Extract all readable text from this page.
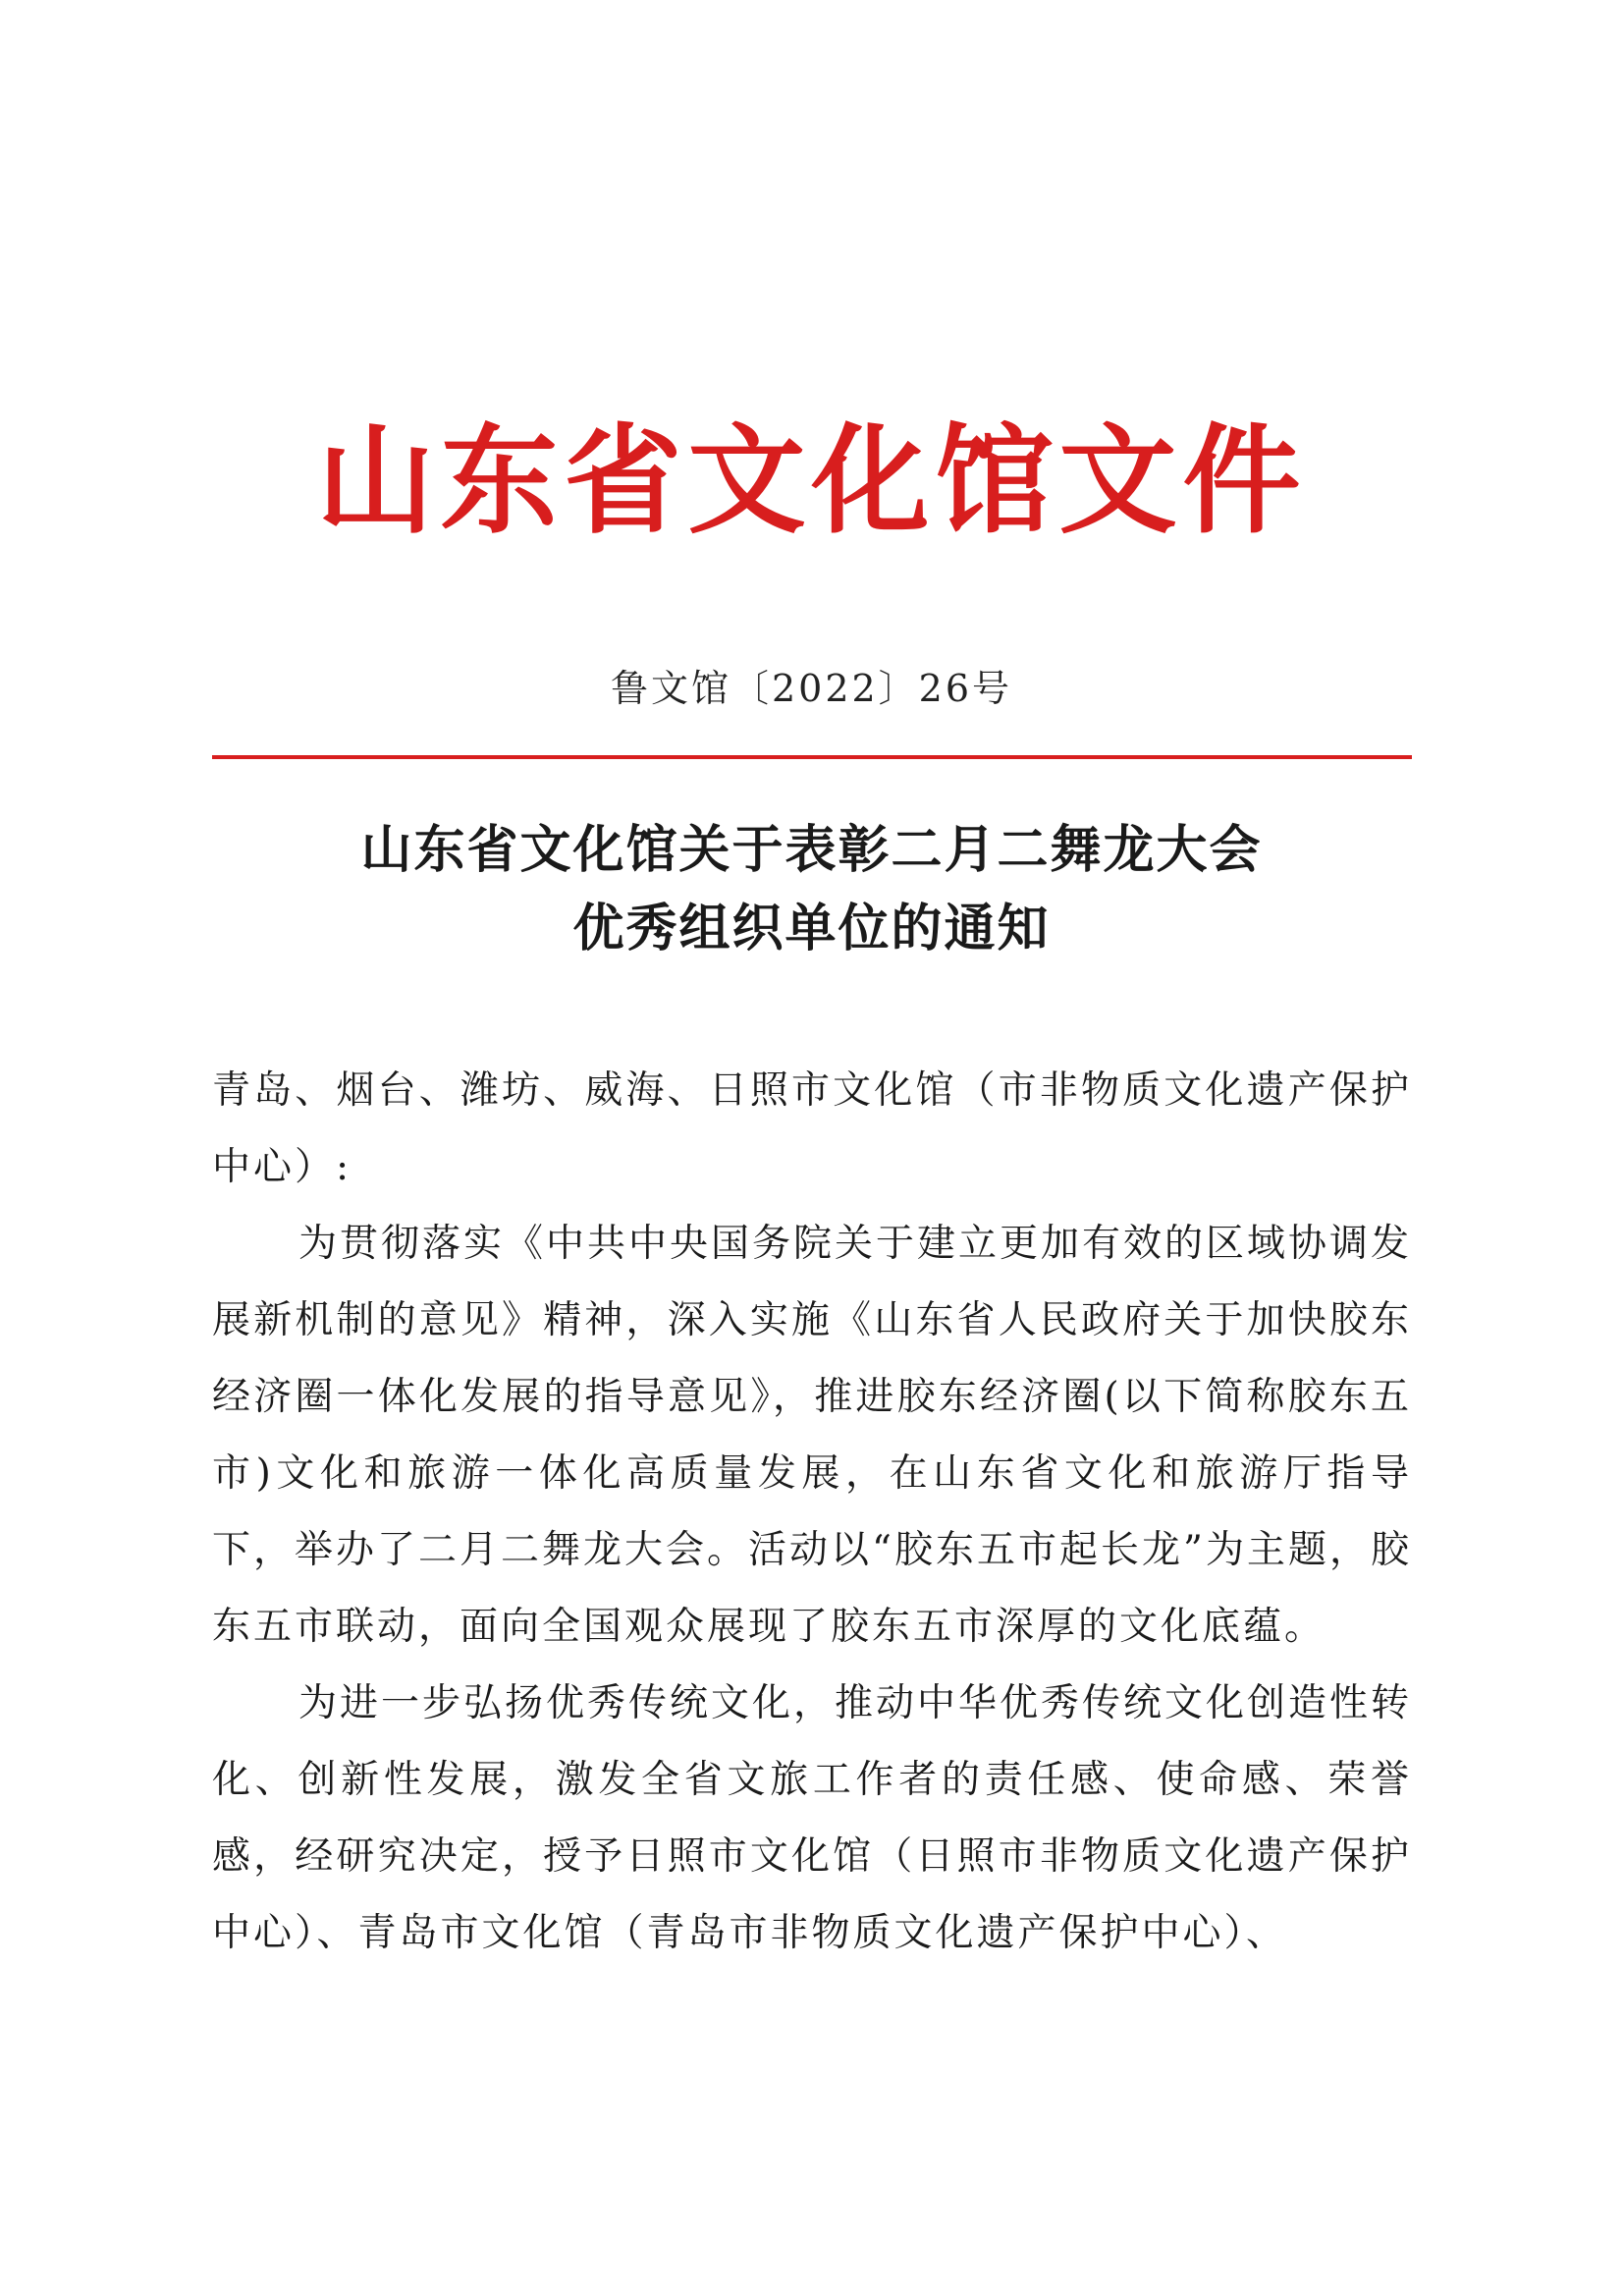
山东省文化馆文件
鲁文馆〔2022〕26号
山东省文化馆关于表彰二月二舞龙大会
优秀组织单位的通知

青岛、烟台、潍坊、威海、日照市文化馆（市非物质文化遗产保护中心）:

为贯彻落实《中共中央国务院关于建立更加有效的区域协调发展新机制的意见》精神，深入实施《山东省人民政府关于加快胶东经济圈一体化发展的指导意见》，推进胶东经济圈(以下简称胶东五市)文化和旅游一体化高质量发展，在山东省文化和旅游厅指导下，举办了二月二舞龙大会。活动以“胶东五市起长龙”为主题，胶东五市联动，面向全国观众展现了胶东五市深厚的文化底蕴。

为进一步弘扬优秀传统文化，推动中华优秀传统文化创造性转化、创新性发展，激发全省文旅工作者的责任感、使命感、荣誉感，经研究决定，授予日照市文化馆（日照市非物质文化遗产保护中心）、青岛市文化馆（青岛市非物质文化遗产保护中心）、
